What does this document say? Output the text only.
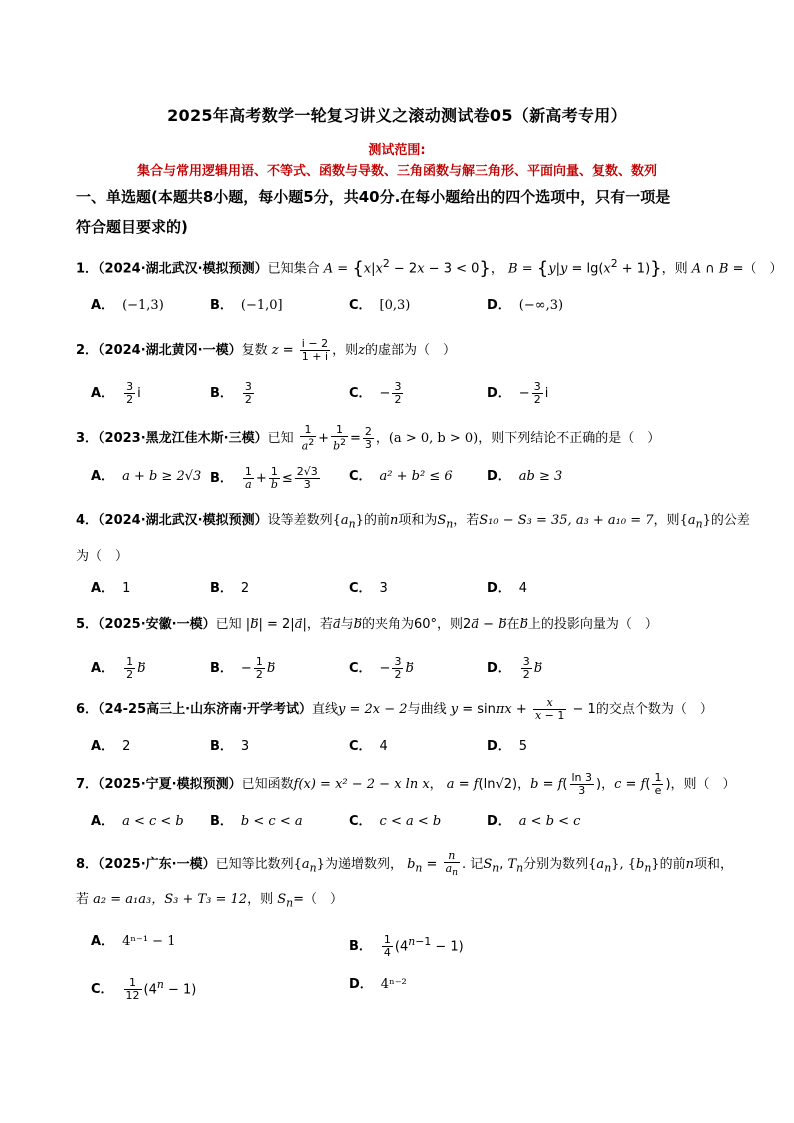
2025年高考数学一轮复习讲义之滚动测试卷05（新高考专用）
测试范围:
集合与常用逻辑用语、不等式、函数与导数、三角函数与解三角形、平面向量、复数、数列
一、单选题(本题共8小题，每小题5分，共40分.在每小题给出的四个选项中，只有一项是
符合题目要求的)
1．（2024·湖北武汉·模拟预测）已知集合 $A = \{x|x^2 - 2x - 3 < 0\}$， $B = \{y|y = \lg(x^2 + 1)\}$，则 A ∩ B =（　）
A． (−1,3)	B． (−1,0]	C． [0,3)	D． (−∞,3)
2．（2024·湖北黄冈·一模）复数 $z = \frac{i - 2}{1 + i}$ ，则z的虚部为（　）
A． $\frac{3}{2}$ i	B． $\frac{3}{2}$	C． − $\frac{3}{2}$	D． − $\frac{3}{2}$ i
3．（2023·黑龙江佳木斯·三模）已知 $\frac{1}{a^2} + \frac{1}{b^2} = \frac{2}{3}$ ，(a > 0, b > 0)，则下列结论不正确的是（　）
A． a + b ≥ 2√3 B． $\frac{1}{a} + \frac{1}{b} \le \frac{2√3}{3}$ C． a² + b² ≤ 6	D． ab ≥ 3
4．（2024·湖北武汉·模拟预测）设等差数列$\{a_n\}$的前n项和为$S_n$，若S₁₀ − S₃ = 35, a₃ + a₁₀ = 7，则$\{a_n\}$的公差
为（　）
A． 1	B． 2	C． 3	D． 4
5．（2025·安徽·一模）已知 |b⃗| = 2|a⃗|，若a与b的夹角为60°，则2a⃗ − b在b上的投影向量为（　）
A． $\frac{1}{2}$ b	B． − $\frac{1}{2}$ b	C． − $\frac{3}{2}$ b	D． $\frac{3}{2}$ b
6．（24-25高三上·山东济南·开学考试）直线y = 2x − 2与曲线 $y = \sin\pi x + \frac{x}{x - 1} - 1$的交点个数为（　）
A． 2	B． 3	C． 4	D． 5
7．（2025·宁夏·模拟预测）已知函数f(x) = x² − 2 − x ln x， a = f(ln√2)，$b = f( \frac{\ln 3}{3}$ )，$c = f( \frac{1}{e}$ )，则（　）
A． a < c < b B． b < c < a	C． c < a < b	D． a < b < c
8．（2025·广东·一模）已知等比数列$\{a_n\}$为递增数列， $b_n = \frac{n}{a_n}$ . 记$S_n$, $T_n$分别为数列$\{a_n\}$, $\{b_n\}$的前n项和，
若 a₂ = a₁a₃，S₃ + T₃ = 12，则 $S_n=$（　）
A． 4ⁿ⁻¹ − 1	B． $\frac{1}{4} (4^{n-1} - 1)$
C． $\frac{1}{12} (4^n - 1)$	D． 4ⁿ⁻²
